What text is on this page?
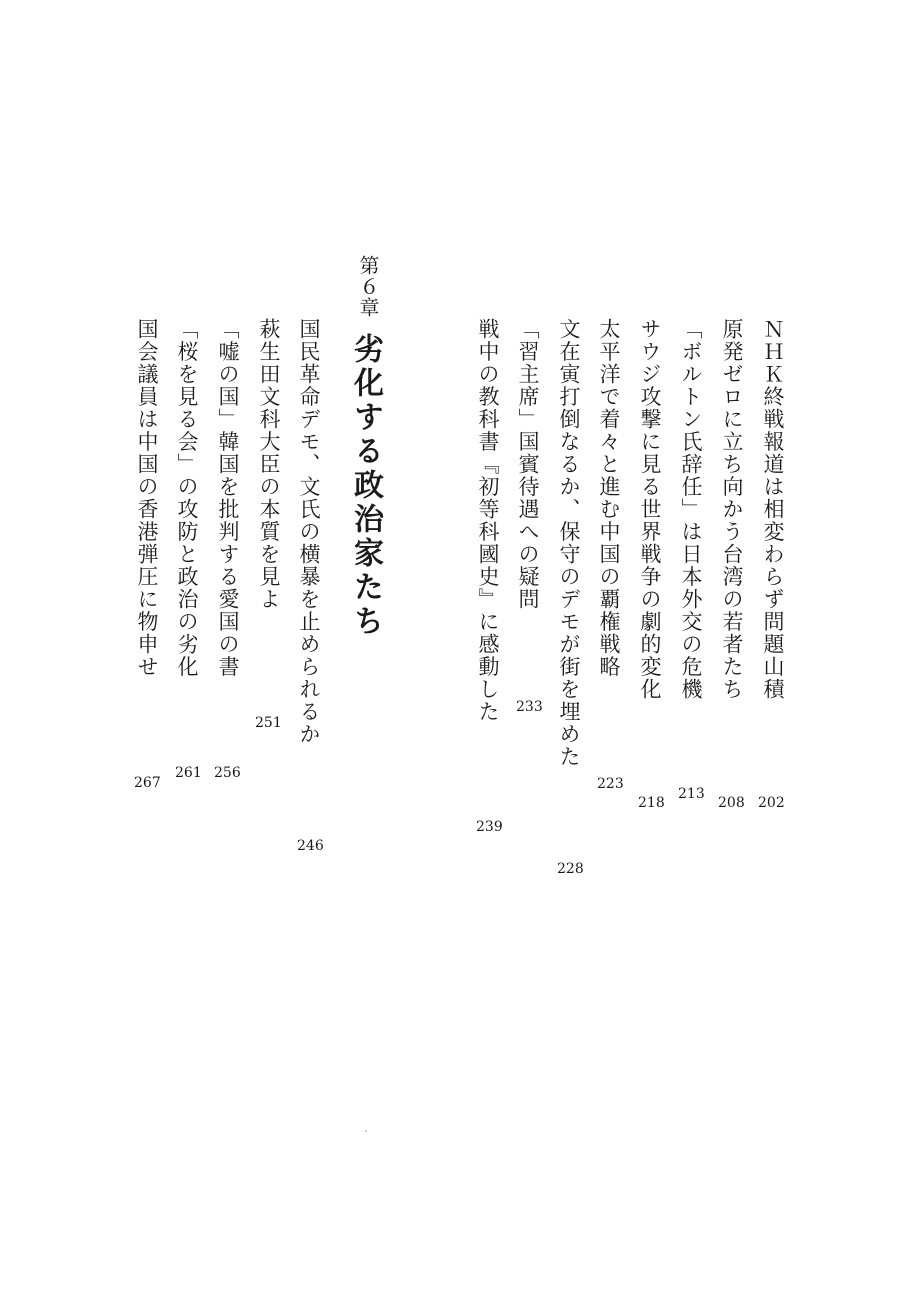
ＮＨＫ終戦報道は相変わらず問題山積
202
原発ゼロに立ち向かう台湾の若者たち
208
「ボルトン氏辞任」は日本外交の危機
213
サウジ攻撃に見る世界戦争の劇的変化
218
太平洋で着々と進む中国の覇権戦略
223
文在寅打倒なるか、保守のデモが街を埋めた
228
「習主席」国賓待遇への疑問
233
戦中の教科書『初等科國史』に感動した
239
第６章
劣化する政治家たち
国民革命デモ、文氏の横暴を止められるか
246
萩生田文科大臣の本質を見よ
251
「嘘の国」韓国を批判する愛国の書
256
「桜を見る会」の攻防と政治の劣化
261
国会議員は中国の香港弾圧に物申せ
267
